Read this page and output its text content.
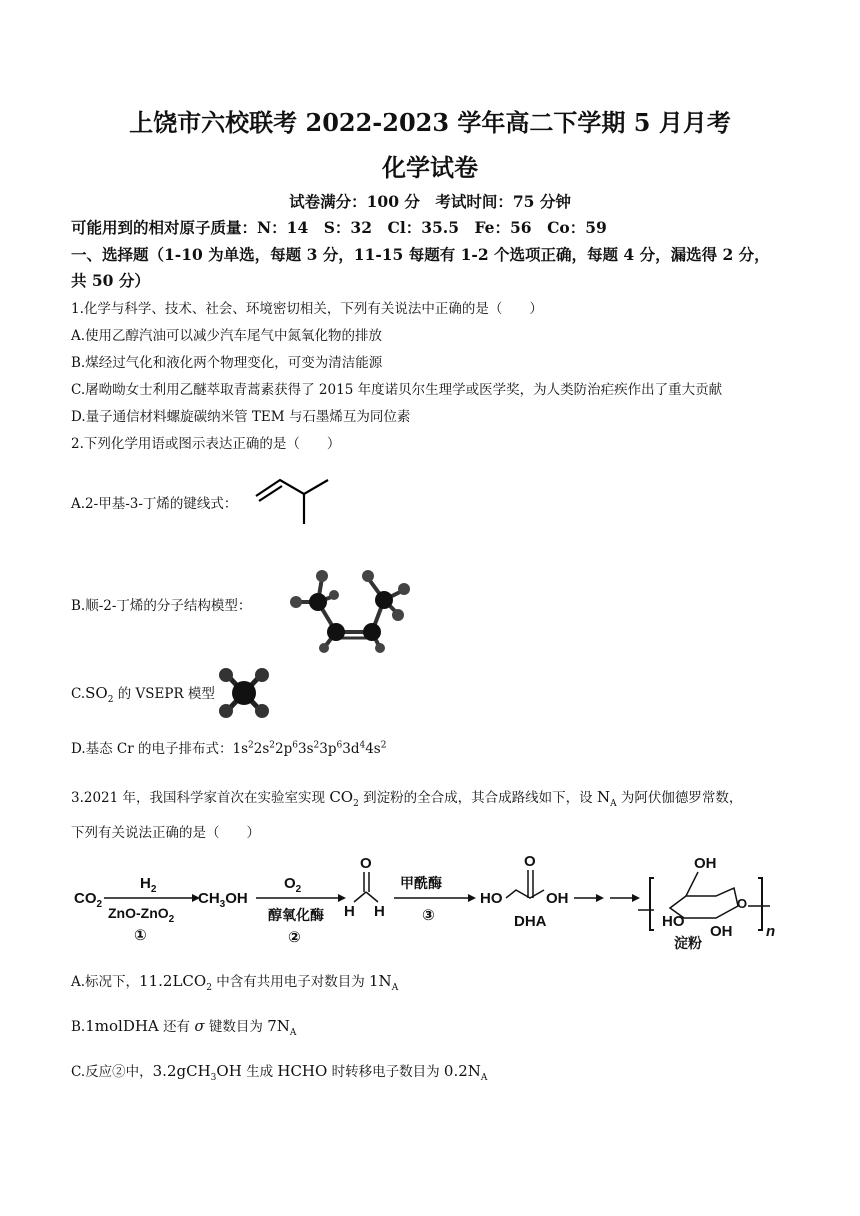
上饶市六校联考 2022-2023 学年高二下学期 5 月月考
化学试卷
试卷满分：100 分　考试时间：75 分钟
可能用到的相对原子质量：N：14　S：32　Cl：35.5　Fe：56　Co：59
一、选择题（1-10 为单选，每题 3 分，11-15 每题有 1-2 个选项正确，每题 4 分，漏选得 2 分，
共 50 分）
1.化学与科学、技术、社会、环境密切相关，下列有关说法中正确的是（　　）
A.使用乙醇汽油可以减少汽车尾气中氮氧化物的排放
B.煤经过气化和液化两个物理变化，可变为清洁能源
C.屠呦呦女士利用乙醚萃取青蒿素获得了 2015 年度诺贝尔生理学或医学奖，为人类防治疟疾作出了重大贡献
D.量子通信材料螺旋碳纳米管 TEM 与石墨烯互为同位素
2.下列化学用语或图示表达正确的是（　　）
A.2-甲基-3-丁烯的键线式：
B.顺-2-丁烯的分子结构模型：
$C.SO_2$ 的 VSEPR 模型
D.基态 Cr 的电子排布式：$1s^22s^22p^63s^23p^63d^44s^2$
3.2021 年，我国科学家首次在实验室实现 $CO_2$ 到淀粉的全合成，其合成路线如下，设 $N_A$ 为阿伏伽德罗常数，
下列有关说法正确的是（　　）
$CO_2$
$H_2$
ZnO-ZnO$_2$
①
$CH_3OH$
$O_2$
醇氧化酶
②
O
H H
甲酰酶
③
HO
O
OH
DHA
OH
HO
OH
O
n
淀粉
A.标况下，$11.2LCO_2$ 中含有共用电子对数目为 $1N_A$
B.1molDHA 还有 σ 键数目为 $7N_A$
C.反应②中，3.2gCH$_3$OH 生成 HCHO 时转移电子数目为 $0.2N_A$
